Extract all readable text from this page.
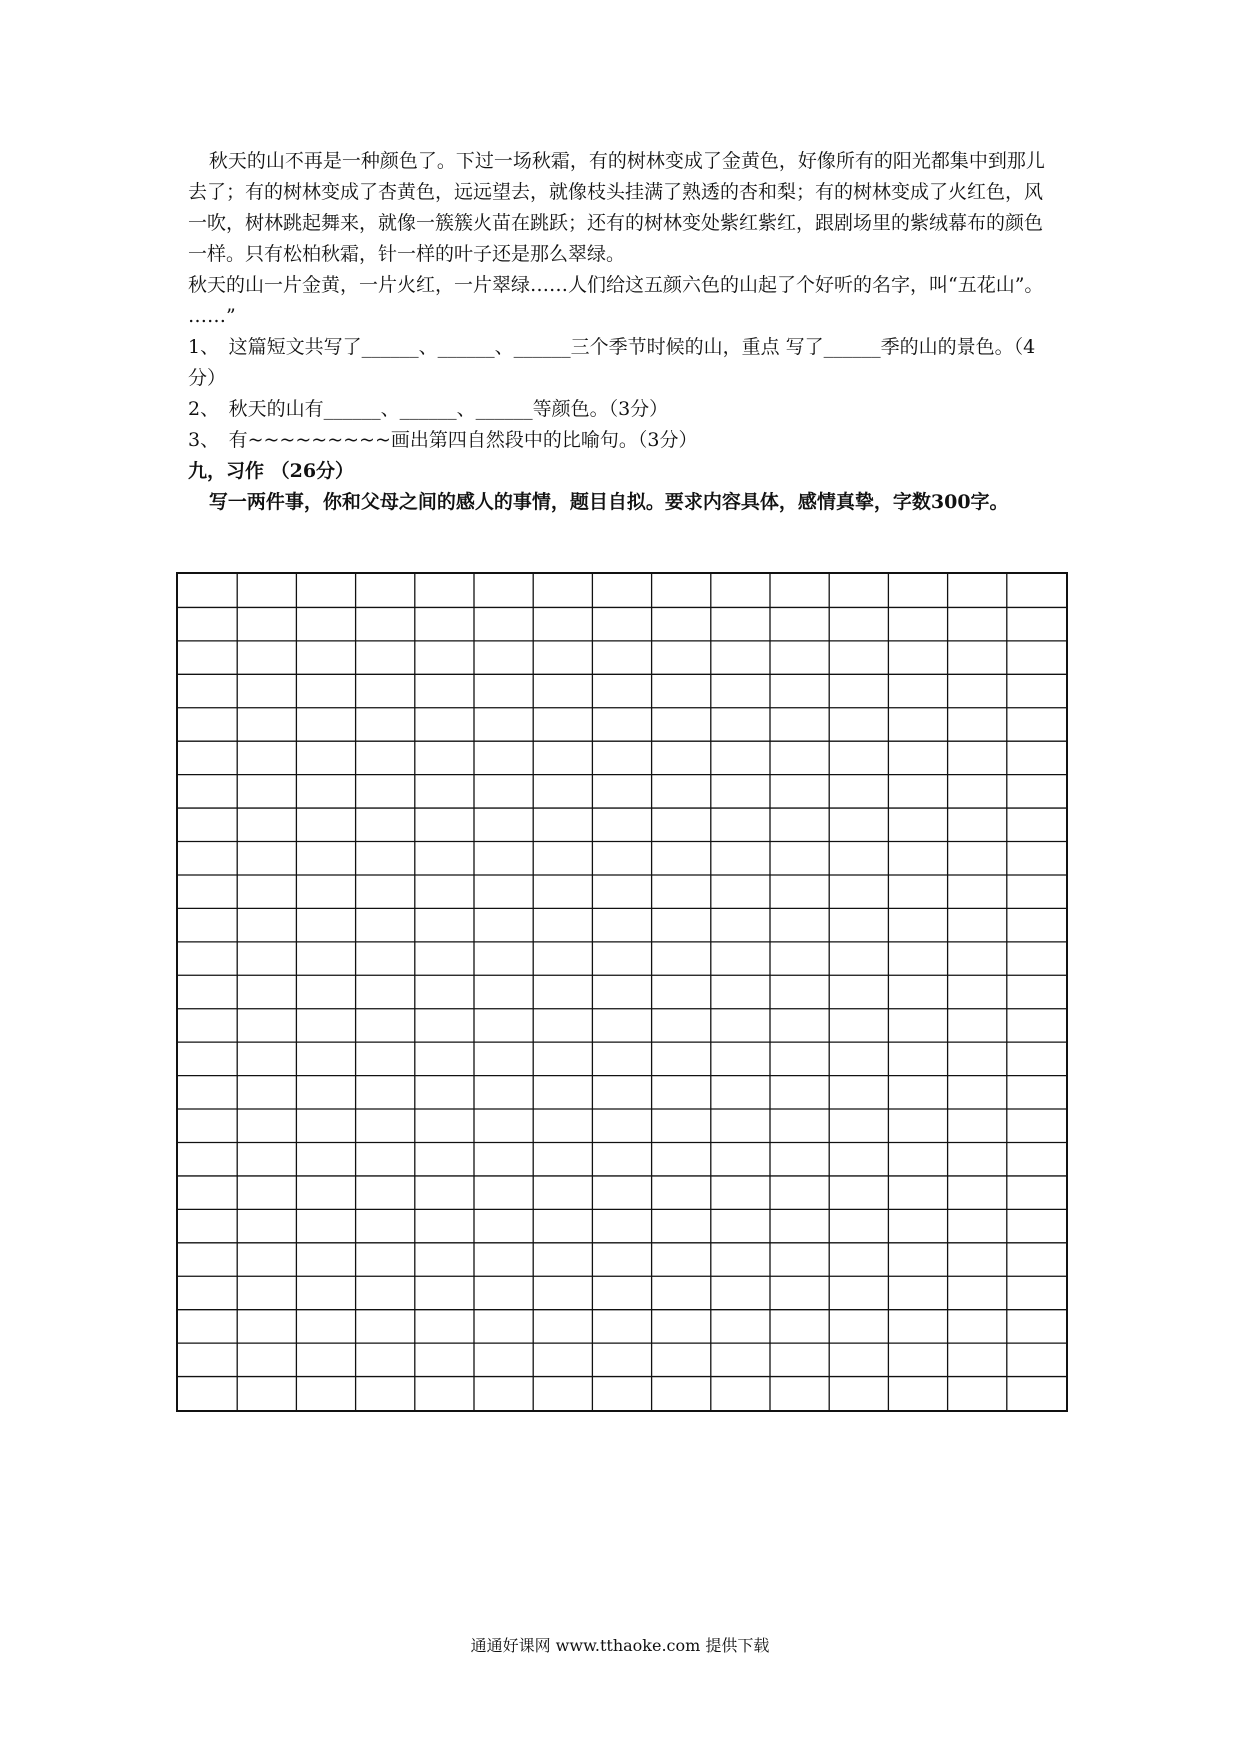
秋天的山不再是一种颜色了。下过一场秋霜，有的树林变成了金黄色，好像所有的阳光都集中到那儿去了；有的树林变成了杏黄色，远远望去，就像枝头挂满了熟透的杏和梨；有的树林变成了火红色，风一吹，树林跳起舞来，就像一簇簇火苗在跳跃；还有的树林变处紫红紫红，跟剧场里的紫绒幕布的颜色一样。只有松柏秋霜，针一样的叶子还是那么翠绿。

秋天的山一片金黄，一片火红，一片翠绿……人们给这五颜六色的山起了个好听的名字，叫“五花山”。 ……”

1、　这篇短文共写了______、______、______三个季节时候的山，重点 写了______季的山的景色。（4分）

2、　秋天的山有______、______、______等颜色。（3分）

3、　有~~~~~~~~~画出第四自然段中的比喻句。（3分）

九，习作 （26分）

写一两件事，你和父母之间的感人的事情，题目自拟。要求内容具体，感情真挚，字数300字。

通通好课网 www.tthaoke.com 提供下载
